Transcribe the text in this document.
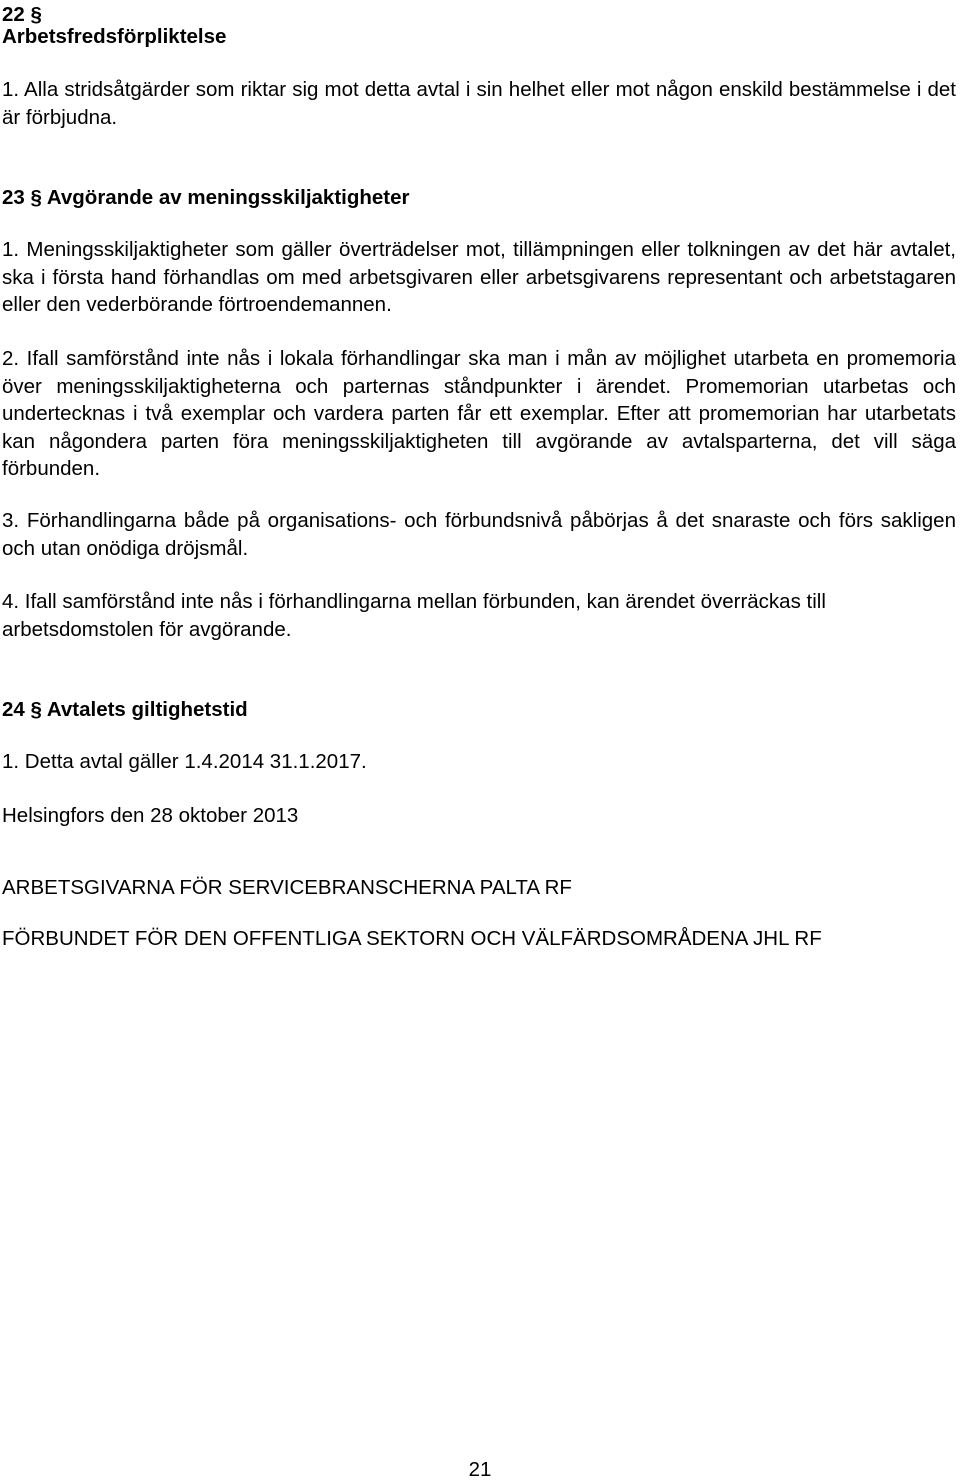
22 §
Arbetsfredsförpliktelse

1. Alla stridsåtgärder som riktar sig mot detta avtal i sin helhet eller mot någon enskild bestämmelse i det är förbjudna.

23 § Avgörande av meningsskiljaktigheter

1. Meningsskiljaktigheter som gäller överträdelser mot, tillämpningen eller tolkningen av det här avtalet, ska i första hand förhandlas om med arbetsgivaren eller arbetsgivarens representant och arbetstagaren eller den vederbörande förtroendemannen.

2. Ifall samförstånd inte nås i lokala förhandlingar ska man i mån av möjlighet utarbeta en promemoria över meningsskiljaktigheterna och parternas ståndpunkter i ärendet. Promemorian utarbetas och undertecknas i två exemplar och vardera parten får ett exemplar. Efter att promemorian har utarbetats kan någondera parten föra meningsskiljaktigheten till avgörande av avtalsparterna, det vill säga förbunden.

3. Förhandlingarna både på organisations- och förbundsnivå påbörjas å det snaraste och förs sakligen och utan onödiga dröjsmål.

4. Ifall samförstånd inte nås i förhandlingarna mellan förbunden, kan ärendet överräckas till arbetsdomstolen för avgörande.

24 § Avtalets giltighetstid
1. Detta avtal gäller 1.4.2014 31.1.2017.
Helsingfors den 28 oktober 2013
ARBETSGIVARNA FÖR SERVICEBRANSCHERNA PALTA RF
FÖRBUNDET FÖR DEN OFFENTLIGA SEKTORN OCH VÄLFÄRDSOMRÅDENA JHL RF
21
